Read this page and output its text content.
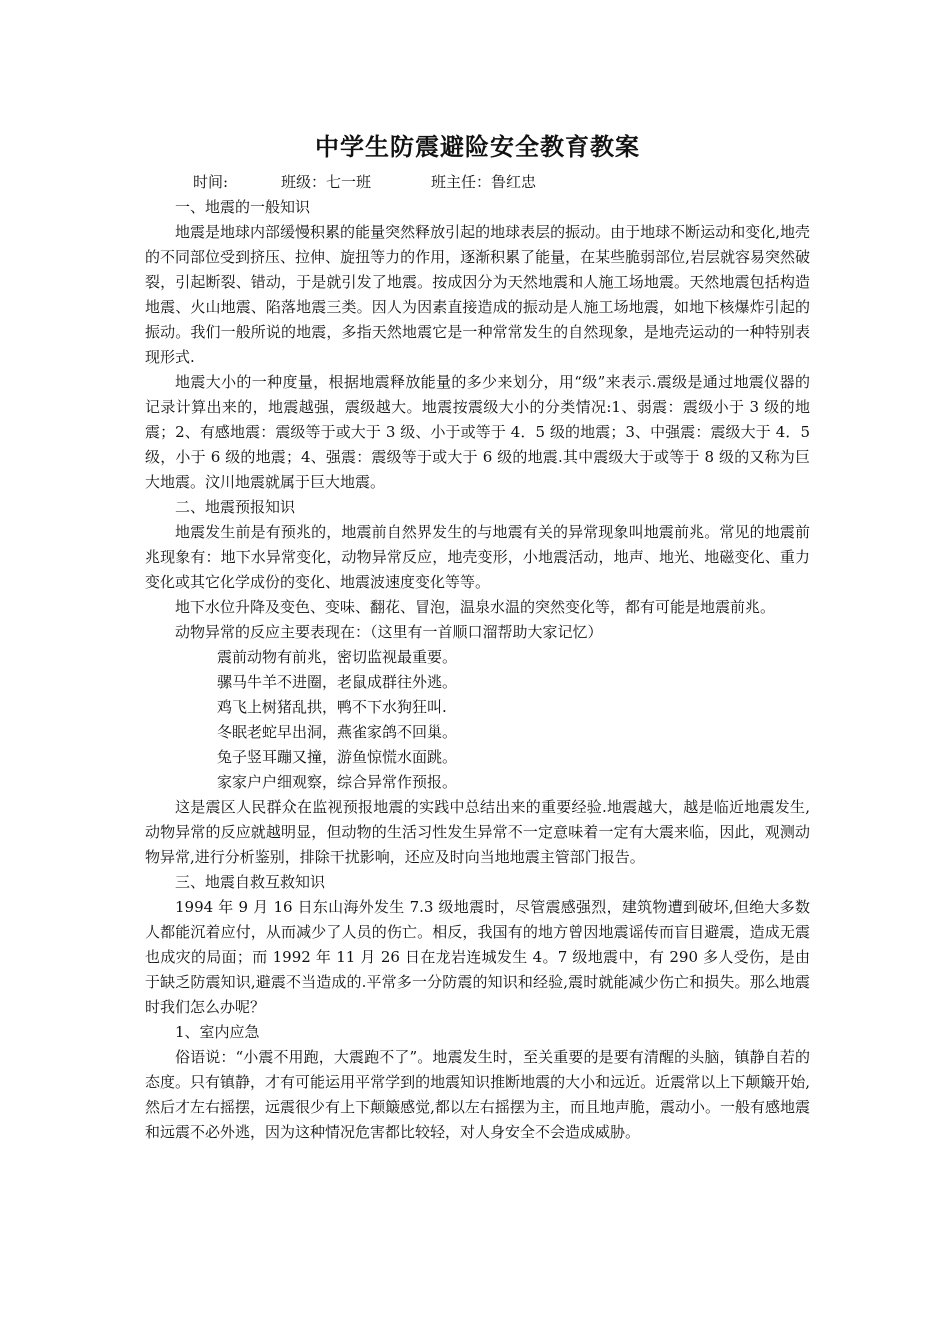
中学生防震避险安全教育教案
时间:	班级：七一班	班主任：鲁红忠

一、地震的一般知识

地震是地球内部缓慢积累的能量突然释放引起的地球表层的振动。由于地球不断运动和变化,地壳的不同部位受到挤压、拉伸、旋扭等力的作用，逐渐积累了能量，在某些脆弱部位,岩层就容易突然破裂，引起断裂、错动，于是就引发了地震。按成因分为天然地震和人施工场地震。天然地震包括构造地震、火山地震、陷落地震三类。因人为因素直接造成的振动是人施工场地震，如地下核爆炸引起的振动。我们一般所说的地震，多指天然地震它是一种常常发生的自然现象，是地壳运动的一种特别表现形式.

地震大小的一种度量，根据地震释放能量的多少来划分，用“级”来表示.震级是通过地震仪器的记录计算出来的，地震越强，震级越大。地震按震级大小的分类情况:1、弱震：震级小于 3 级的地震；2、有感地震：震级等于或大于 3 级、小于或等于 4．5 级的地震；3、中强震：震级大于 4．5 级，小于 6 级的地震；4、强震：震级等于或大于 6 级的地震.其中震级大于或等于 8 级的又称为巨大地震。汶川地震就属于巨大地震。

二、地震预报知识

地震发生前是有预兆的，地震前自然界发生的与地震有关的异常现象叫地震前兆。常见的地震前兆现象有：地下水异常变化，动物异常反应，地壳变形，小地震活动，地声、地光、地磁变化、重力变化或其它化学成份的变化、地震波速度变化等等。

地下水位升降及变色、变味、翻花、冒泡，温泉水温的突然变化等，都有可能是地震前兆。

动物异常的反应主要表现在：（这里有一首顺口溜帮助大家记忆）

震前动物有前兆，密切监视最重要。

骡马牛羊不进圈，老鼠成群往外逃。

鸡飞上树猪乱拱，鸭不下水狗狂叫.

冬眠老蛇早出洞，燕雀家鸽不回巢。

兔子竖耳蹦又撞，游鱼惊慌水面跳。

家家户户细观察，综合异常作预报。

这是震区人民群众在监视预报地震的实践中总结出来的重要经验.地震越大，越是临近地震发生,动物异常的反应就越明显，但动物的生活习性发生异常不一定意味着一定有大震来临，因此，观测动物异常,进行分析鉴别，排除干扰影响，还应及时向当地地震主管部门报告。

三、地震自救互救知识

1994 年 9 月 16 日东山海外发生 7.3 级地震时，尽管震感强烈，建筑物遭到破坏,但绝大多数人都能沉着应付，从而减少了人员的伤亡。相反，我国有的地方曾因地震谣传而盲目避震，造成无震也成灾的局面；而 1992 年 11 月 26 日在龙岩连城发生 4。7 级地震中，有 290 多人受伤，是由于缺乏防震知识,避震不当造成的.平常多一分防震的知识和经验,震时就能减少伤亡和损失。那么地震时我们怎么办呢？

1、室内应急

俗语说：“小震不用跑，大震跑不了”。地震发生时，至关重要的是要有清醒的头脑，镇静自若的态度。只有镇静，才有可能运用平常学到的地震知识推断地震的大小和远近。近震常以上下颠簸开始,然后才左右摇摆，远震很少有上下颠簸感觉,都以左右摇摆为主，而且地声脆，震动小。一般有感地震和远震不必外逃，因为这种情况危害都比较轻，对人身安全不会造成威胁。
